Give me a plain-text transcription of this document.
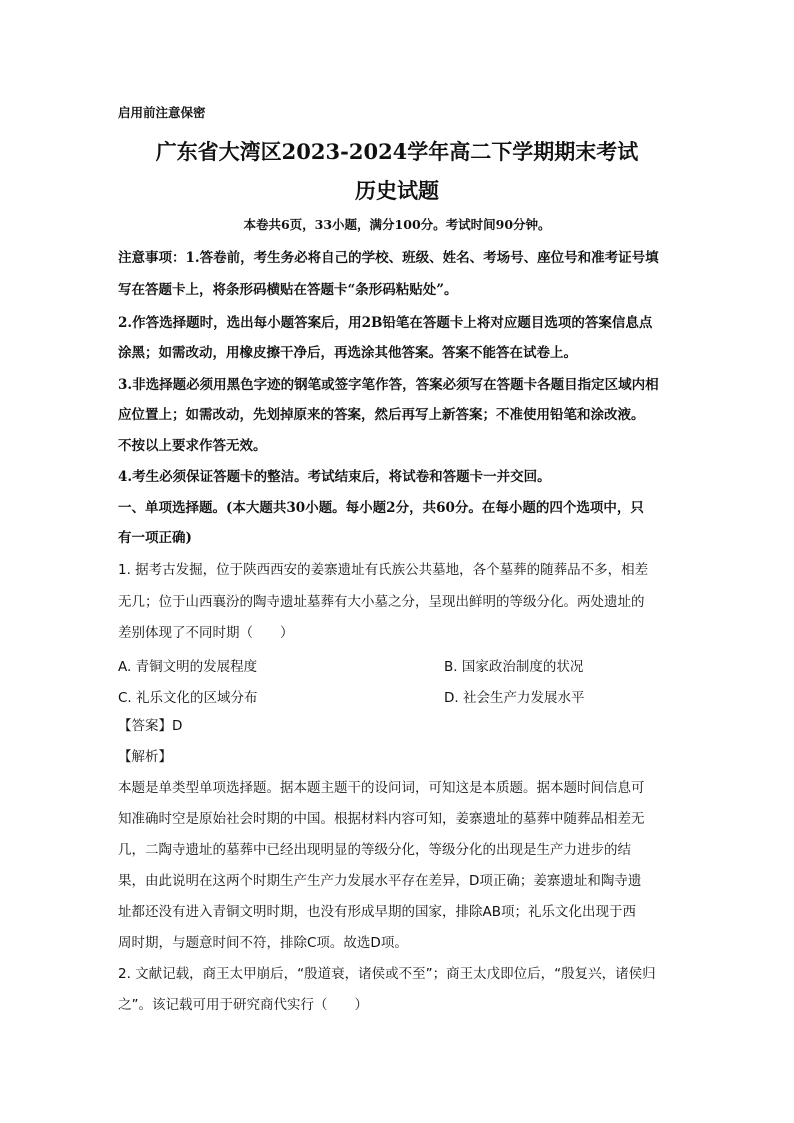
启用前注意保密
广东省大湾区2023-2024学年高二下学期期末考试
历史试题
本卷共6页，33小题，满分100分。考试时间90分钟。
注意事项：1.答卷前，考生务必将自己的学校、班级、姓名、考场号、座位号和准考证号填
写在答题卡上，将条形码横贴在答题卡“条形码粘贴处”。
2.作答选择题时，选出每小题答案后，用2B铅笔在答题卡上将对应题目选项的答案信息点
涂黑；如需改动，用橡皮擦干净后，再选涂其他答案。答案不能答在试卷上。
3.非选择题必须用黑色字迹的钢笔或签字笔作答，答案必须写在答题卡各题目指定区域内相
应位置上；如需改动，先划掉原来的答案，然后再写上新答案；不准使用铅笔和涂改液。
不按以上要求作答无效。
4.考生必须保证答题卡的整洁。考试结束后，将试卷和答题卡一并交回。
一、单项选择题。(本大题共30小题。每小题2分，共60分。在每小题的四个选项中，只
有一项正确)
1. 据考古发掘，位于陕西西安的姜寨遗址有氏族公共墓地，各个墓葬的随葬品不多，相差
无几；位于山西襄汾的陶寺遗址墓葬有大小墓之分，呈现出鲜明的等级分化。两处遗址的
差别体现了不同时期（　　）
A. 青铜文明的发展程度	B. 国家政治制度的状况
C. 礼乐文化的区域分布	D. 社会生产力发展水平
【答案】D
【解析】
本题是单类型单项选择题。据本题主题干的设问词，可知这是本质题。据本题时间信息可
知准确时空是原始社会时期的中国。根据材料内容可知，姜寨遗址的墓葬中随葬品相差无
几，二陶寺遗址的墓葬中已经出现明显的等级分化，等级分化的出现是生产力进步的结
果，由此说明在这两个时期生产生产力发展水平存在差异，D项正确；姜寨遗址和陶寺遗
址都还没有进入青铜文明时期，也没有形成早期的国家，排除AB项；礼乐文化出现于西
周时期，与题意时间不符，排除C项。故选D项。
2. 文献记载，商王太甲崩后，“殷道衰，诸侯或不至”；商王太戊即位后，“殷复兴，诸侯归
之”。该记载可用于研究商代实行（　　）
